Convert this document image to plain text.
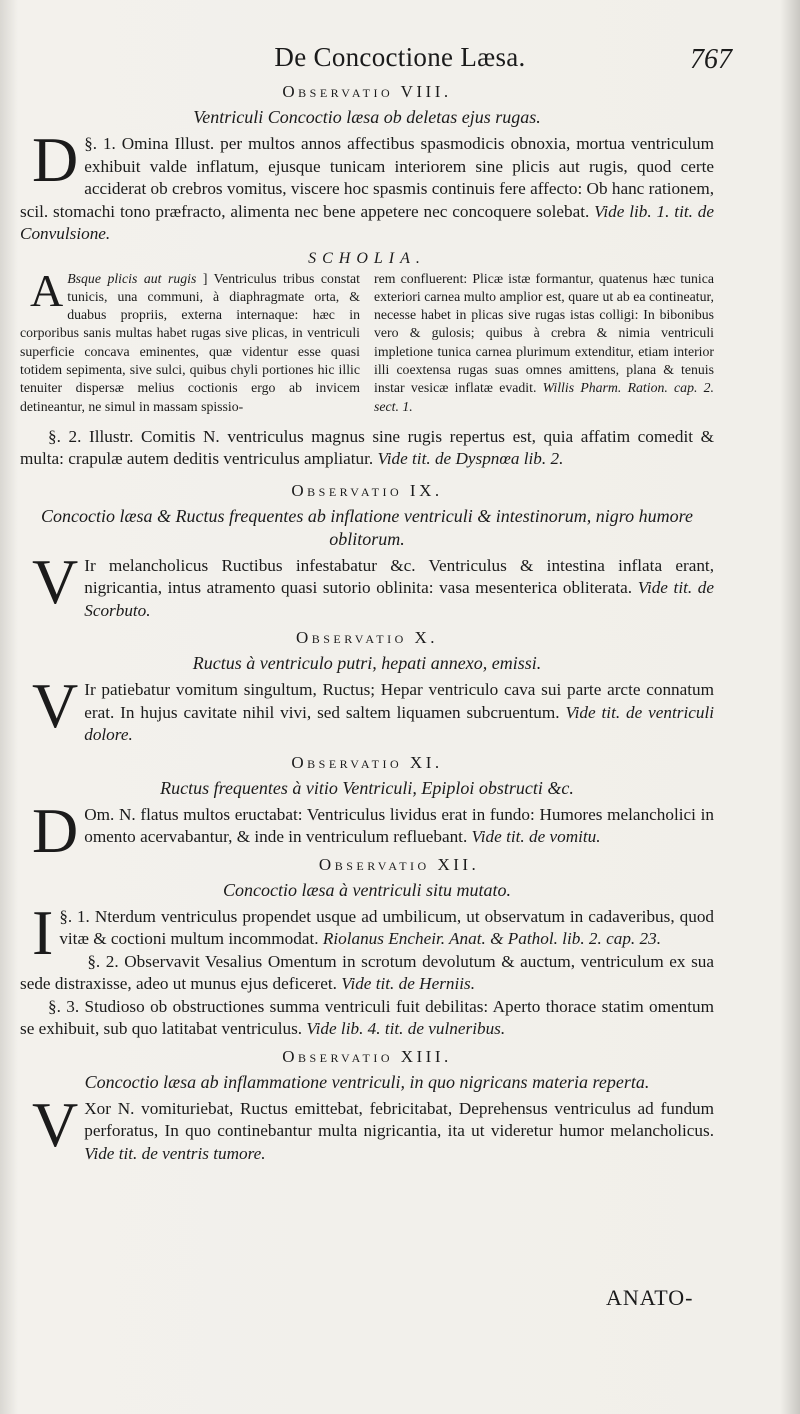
De Concoctione Læsa.	767
Observatio VIII.
Ventriculi Concoctio læsa ob deletas ejus rugas.

§. 1.
D	Omina Illust. per multos annos affectibus spasmodicis obnoxia, mortua ventriculum exhibuit valde inflatum, ejusque tunicam interiorem sine plicis aut rugis, quod certe acciderat ob crebros vomitus, viscere hoc spasmis continuis fere affecto: Ob hanc rationem, scil. stomachi tono præfracto, alimenta nec bene appetere nec concoquere solebat. Vide lib. 1. tit. de Convulsione.

SCHOLIA.

A Bsque plicis aut rugis ] Ventriculus tribus constat tunicis, una communi, à diaphragmate orta, & duabus propriis, externa internaque: hæc in corporibus sanis multas habet rugas sive plicas, in ventriculi superficie concava eminentes, quæ videntur esse quasi totidem sepimenta, sive sulci, quibus chyli portiones hic illic tenuiter dispersæ melius coctionis ergo ab invicem detineantur, ne simul in massam spissio-

rem confluerent: Plicæ istæ formantur, quatenus hæc tunica exteriori carnea multo amplior est, quare ut ab ea contineatur, necesse habet in plicas sive rugas istas colligi: In bibonibus vero & gulosis; quibus à crebra & nimia ventriculi impletione tunica carnea plurimum extenditur, etiam interior illi coextensa rugas suas omnes amittens, plana & tenuis instar vesicæ inflatæ evadit. Willis Pharm. Ration. cap. 2. sect. 1.

§. 2. Illustr. Comitis N. ventriculus magnus sine rugis repertus est, quia affatim comedit & multa: crapulæ autem deditis ventriculus ampliatur. Vide tit. de Dyspnœa lib. 2.

Observatio IX.
Concoctio læsa & Ructus frequentes ab inflatione ventriculi & intestinorum, nigro humore oblitorum.

V Ir melancholicus Ructibus infestabatur &c. Ventriculus & intestina inflata erant, nigricantia, intus atramento quasi sutorio oblinita: vasa mesenterica obliterata. Vide tit. de Scorbuto.

Observatio X.
Ructus à ventriculo putri, hepati annexo, emissi.

V Ir patiebatur vomitum singultum, Ructus; Hepar ventriculo cava sui parte arcte connatum erat. In hujus cavitate nihil vivi, sed saltem liquamen subcruentum. Vide tit. de ventriculi dolore.

Observatio XI.
Ructus frequentes à vitio Ventriculi, Epiploi obstructi &c.

D Om. N. flatus multos eructabat: Ventriculus lividus erat in fundo: Humores melancholici in omento acervabantur, & inde in ventriculum refluebant. Vide tit. de vomitu.

Observatio XII.
Concoctio læsa à ventriculi situ mutato.

§. 1.
I Nterdum ventriculus propendet usque ad umbilicum, ut observatum in cadaveribus, quod vitæ & coctioni multum incommodat. Riolanus Encheir. Anat. & Pathol. lib. 2. cap. 23.

§. 2. Observavit Vesalius Omentum in scrotum devolutum & auctum, ventriculum ex sua sede distraxisse, adeo ut munus ejus deficeret. Vide tit. de Herniis.

§. 3. Studioso ob obstructiones summa ventriculi fuit debilitas: Aperto thorace statim omentum se exhibuit, sub quo latitabat ventriculus. Vide lib. 4. tit. de vulneribus.

Observatio XIII.
Concoctio læsa ab inflammatione ventriculi, in quo nigricans materia reperta.

V Xor N. vomituriebat, Ructus emittebat, febricitabat, Deprehensus ventriculus ad fundum perforatus, In quo continebantur multa nigricantia, ita ut videretur humor melancholicus. Vide tit. de ventris tumore.

ANATO-
